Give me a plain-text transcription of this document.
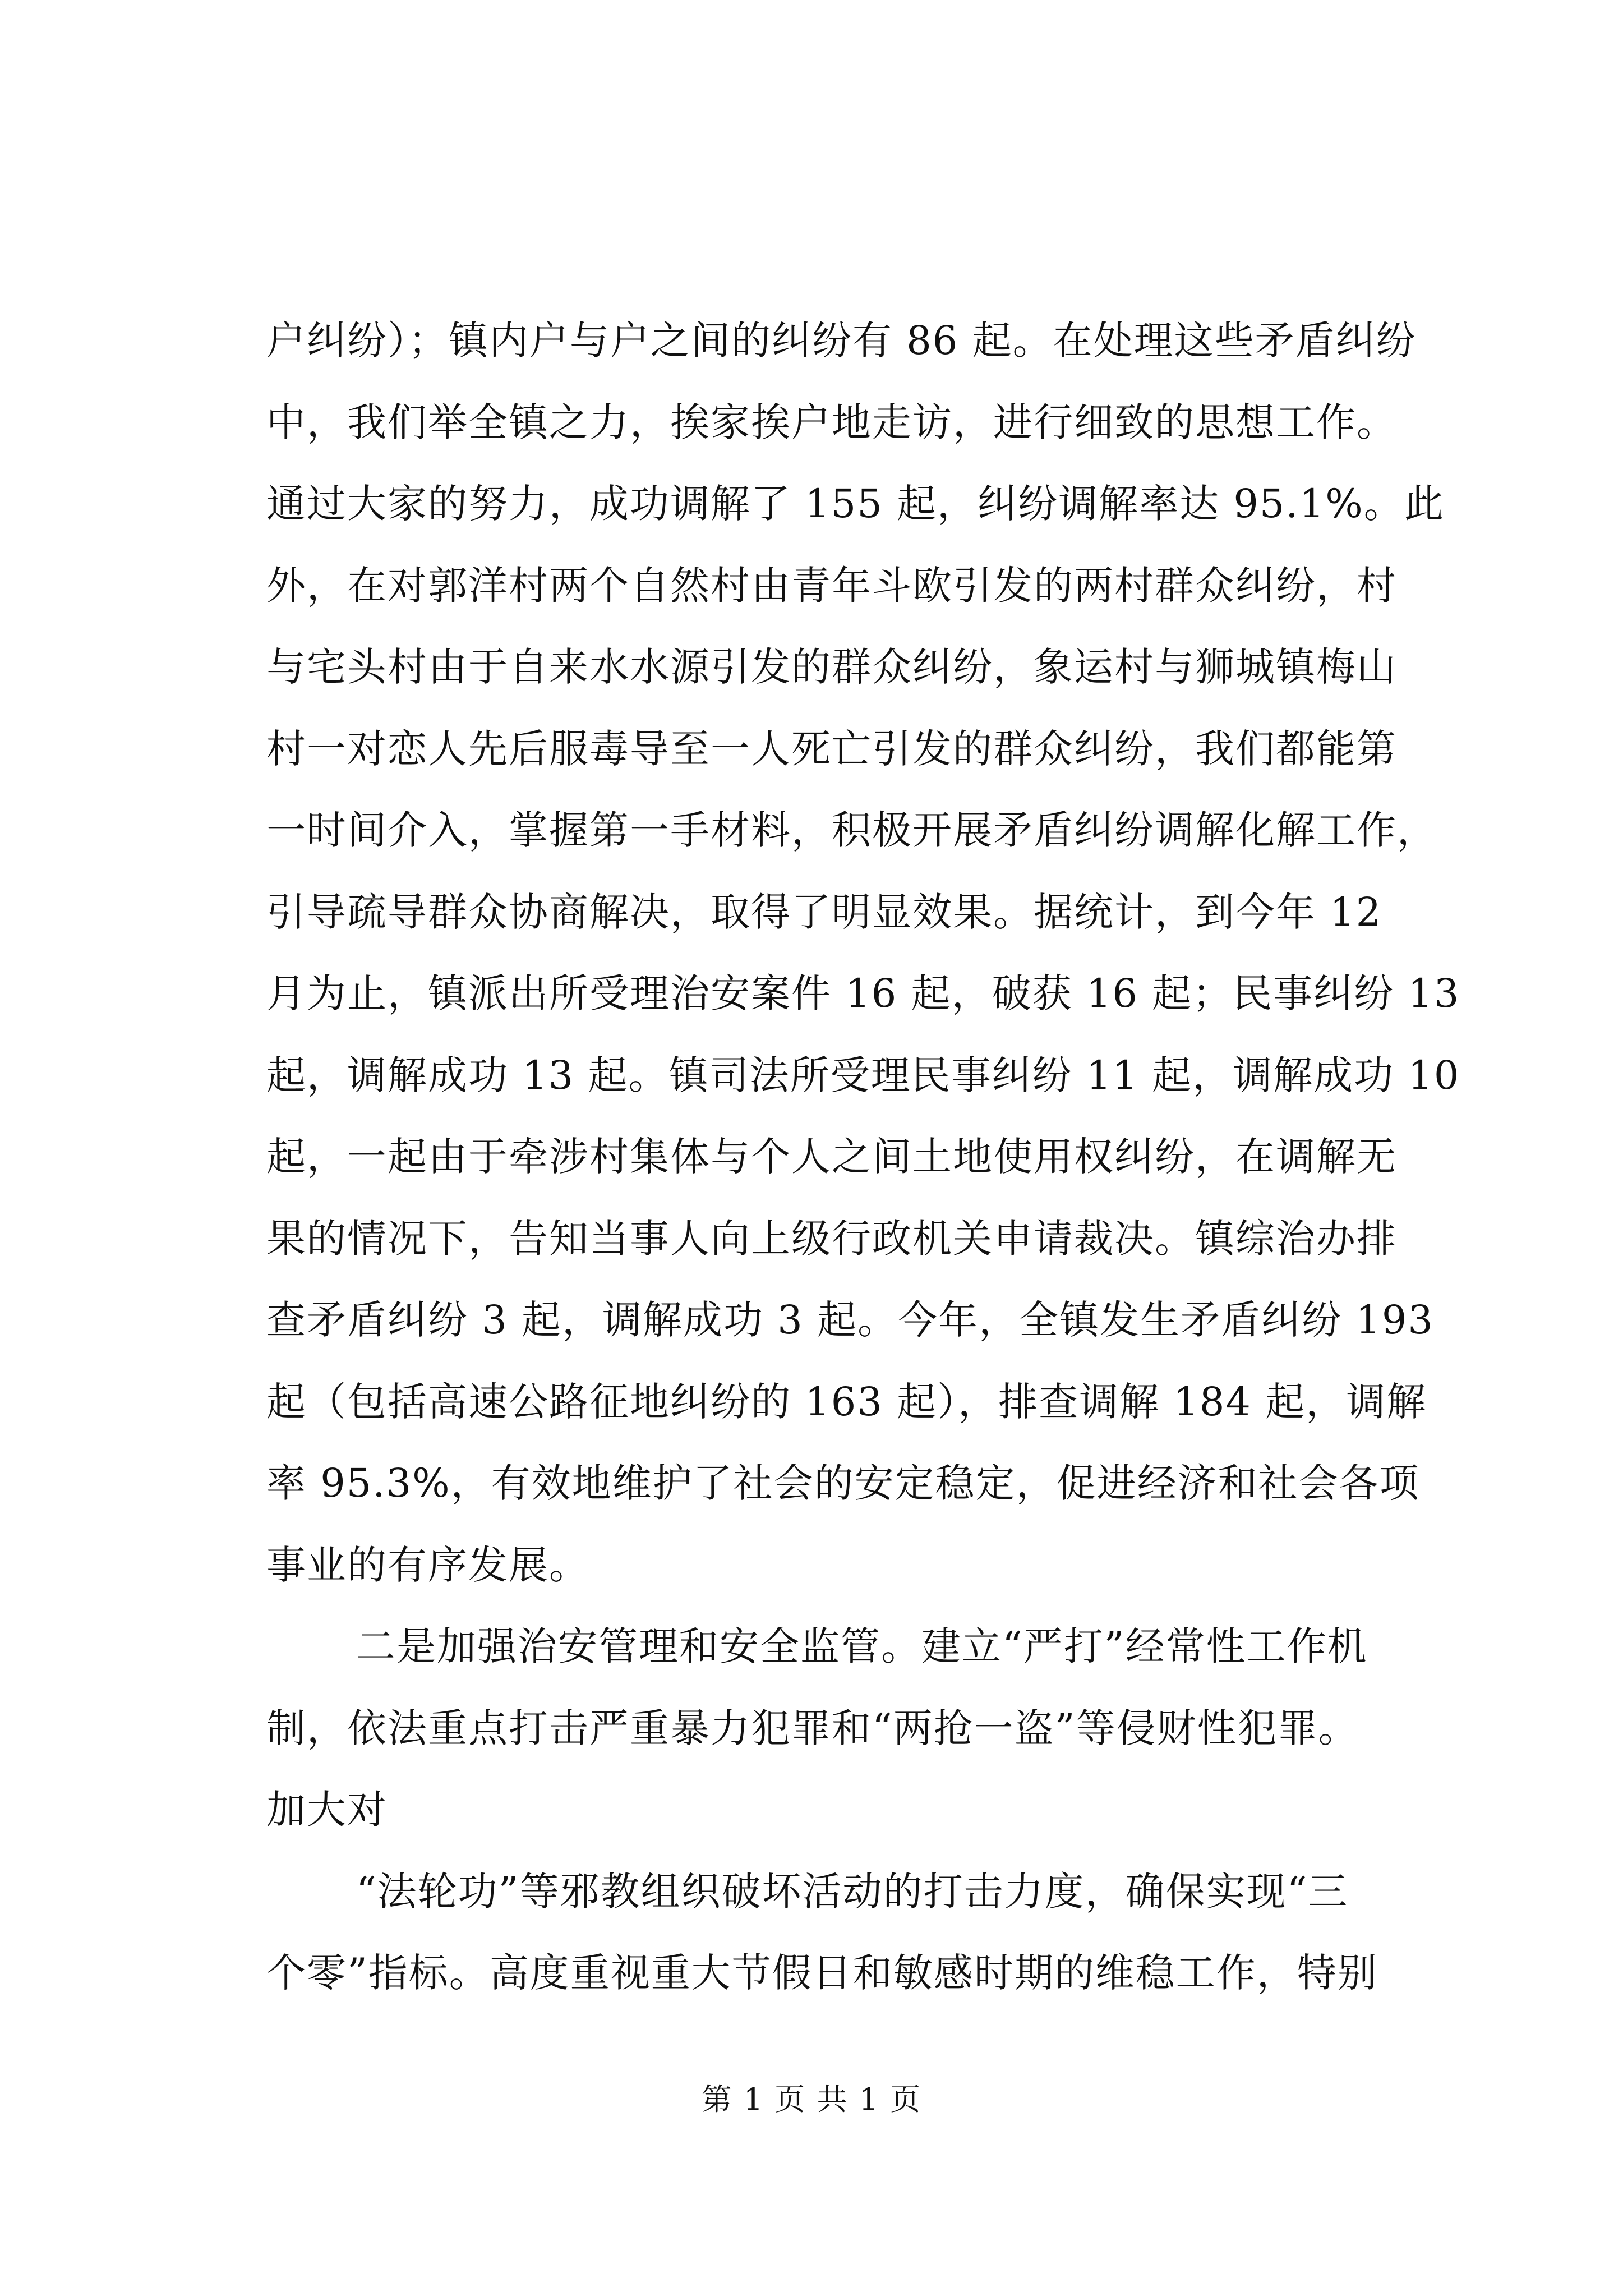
户纠纷）；镇内户与户之间的纠纷有 86 起。在处理这些矛盾纠纷
中，我们举全镇之力，挨家挨户地走访，进行细致的思想工作。
通过大家的努力，成功调解了 155 起，纠纷调解率达 95.1%。此
外，在对郭洋村两个自然村由青年斗欧引发的两村群众纠纷，村
与宅头村由于自来水水源引发的群众纠纷，象运村与狮城镇梅山
村一对恋人先后服毒导至一人死亡引发的群众纠纷，我们都能第
一时间介入，掌握第一手材料，积极开展矛盾纠纷调解化解工作，
引导疏导群众协商解决，取得了明显效果。据统计，到今年 12
月为止，镇派出所受理治安案件 16 起，破获 16 起；民事纠纷 13
起，调解成功 13 起。镇司法所受理民事纠纷 11 起，调解成功 10
起，一起由于牵涉村集体与个人之间土地使用权纠纷，在调解无
果的情况下，告知当事人向上级行政机关申请裁决。镇综治办排
查矛盾纠纷 3 起，调解成功 3 起。今年，全镇发生矛盾纠纷 193
起（包括高速公路征地纠纷的 163 起），排查调解 184 起，调解
率 95.3%，有效地维护了社会的安定稳定，促进经济和社会各项
事业的有序发展。
二是加强治安管理和安全监管。建立“严打”经常性工作机
制，依法重点打击严重暴力犯罪和“两抢一盗”等侵财性犯罪。
加大对
“法轮功”等邪教组织破坏活动的打击力度，确保实现“三
个零”指标。高度重视重大节假日和敏感时期的维稳工作，特别
第 1 页 共 1 页
